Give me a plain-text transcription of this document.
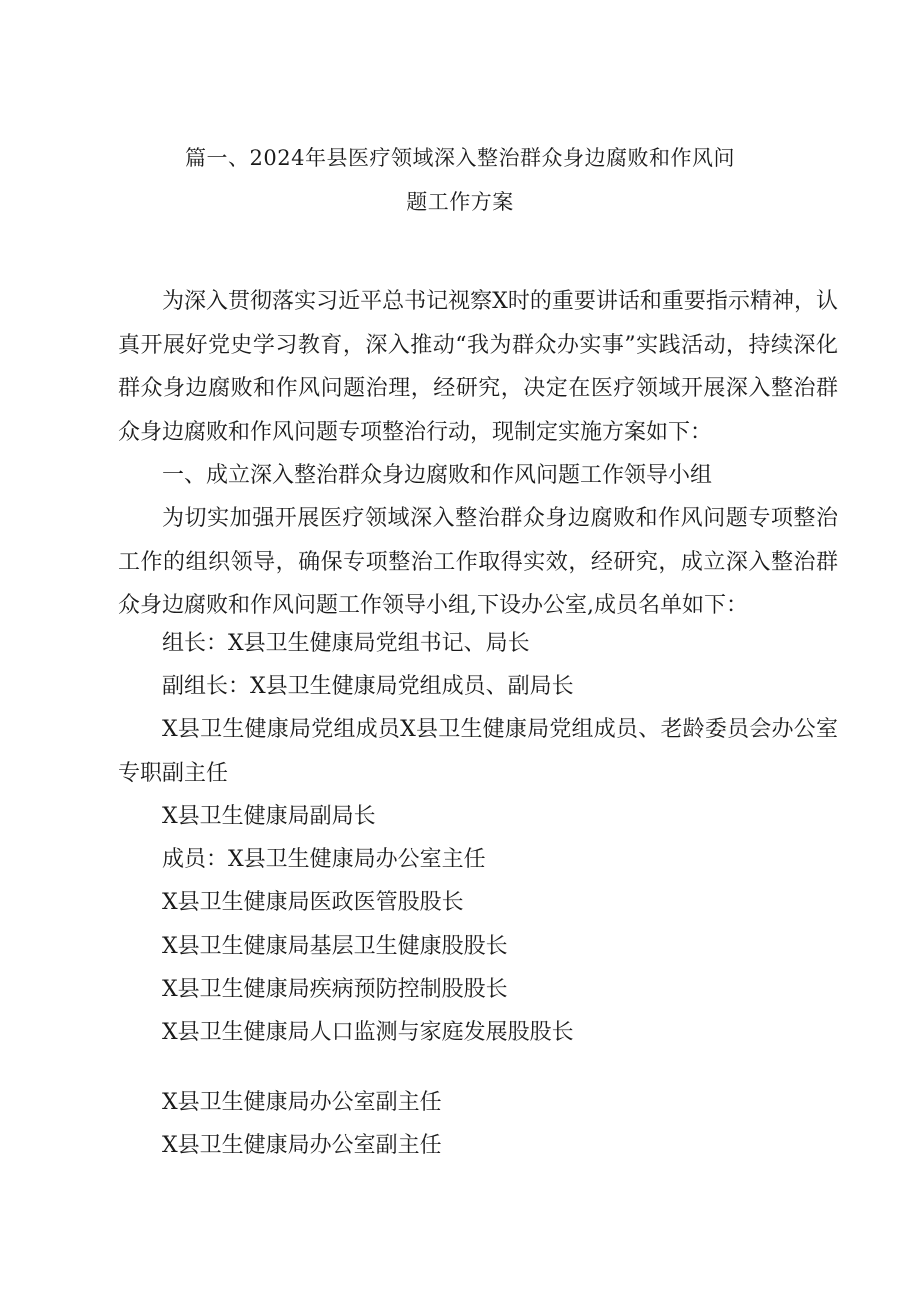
篇一、2024年县医疗领域深入整治群众身边腐败和作风问
题工作方案

为深入贯彻落实习近平总书记视察X时的重要讲话和重要指示精神，认真开展好党史学习教育，深入推动“我为群众办实事”实践活动，持续深化群众身边腐败和作风问题治理，经研究，决定在医疗领域开展深入整治群众身边腐败和作风问题专项整治行动，现制定实施方案如下：

一、成立深入整治群众身边腐败和作风问题工作领导小组

为切实加强开展医疗领域深入整治群众身边腐败和作风问题专项整治工作的组织领导，确保专项整治工作取得实效，经研究，成立深入整治群众身边腐败和作风问题工作领导小组,下设办公室,成员名单如下：

组长：X县卫生健康局党组书记、局长
副组长：X县卫生健康局党组成员、副局长
X县卫生健康局党组成员X县卫生健康局党组成员、老龄委员会办公室专职副主任
X县卫生健康局副局长
成员：X县卫生健康局办公室主任
X县卫生健康局医政医管股股长
X县卫生健康局基层卫生健康股股长
X县卫生健康局疾病预防控制股股长
X县卫生健康局人口监测与家庭发展股股长
X县卫生健康局办公室副主任
X县卫生健康局办公室副主任
